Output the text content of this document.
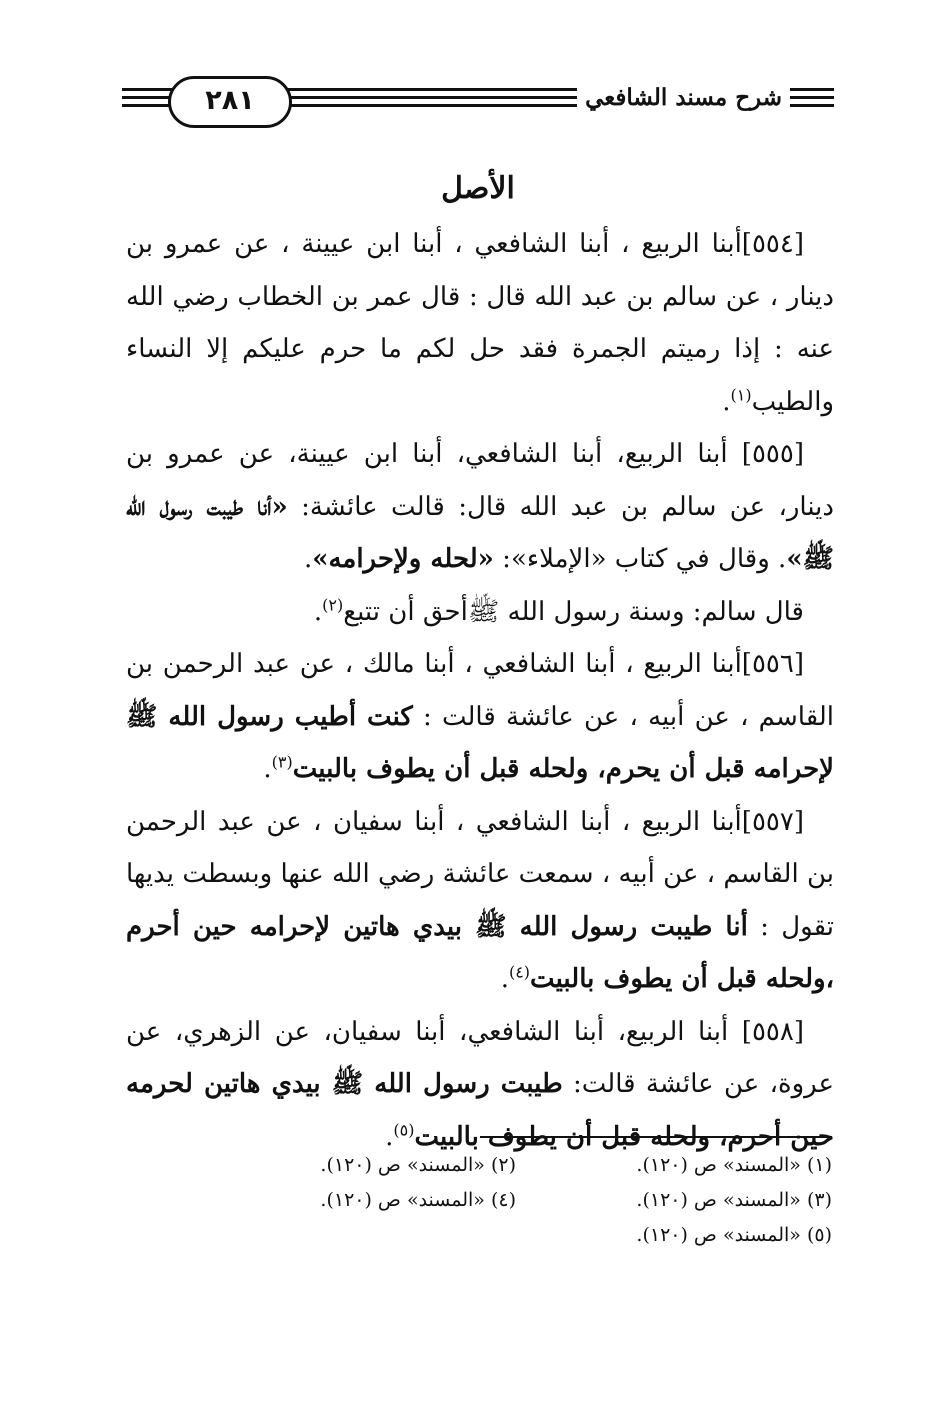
شرح مسند الشافعي
٢٨١
الأصل

[٥٥٤]أبنا الربيع ، أبنا الشافعي ، أبنا ابن عيينة ، عن عمرو بن دينار ، عن سالم بن عبد الله قال : قال عمر بن الخطاب رضي الله عنه : إذا رميتم الجمرة فقد حل لكم ما حرم عليكم إلا النساء والطيب$^{(١)}$.

[٥٥٥] أبنا الربيع، أبنا الشافعي، أبنا ابن عيينة، عن عمرو بن دينار، عن سالم بن عبد الله قال: قالت عائشة: «أنا طيبت رسول الله ﷺ». وقال في كتاب «الإملاء»: «لحله ولإحرامه».

قال سالم: وسنة رسول الله ﷺأحق أن تتبع$^{(٢)}$.

[٥٥٦]أبنا الربيع ، أبنا الشافعي ، أبنا مالك ، عن عبد الرحمن بن القاسم ، عن أبيه ، عن عائشة قالت : كنت أطيب رسول الله ﷺ لإحرامه قبل أن يحرم، ولحله قبل أن يطوف بالبيت$^{(٣)}$.

[٥٥٧]أبنا الربيع ، أبنا الشافعي ، أبنا سفيان ، عن عبد الرحمن بن القاسم ، عن أبيه ، سمعت عائشة رضي الله عنها وبسطت يديها تقول : أنا طيبت رسول الله ﷺ بيدي هاتين لإحرامه حين أحرم ،ولحله قبل أن يطوف بالبيت$^{(٤)}$.

[٥٥٨] أبنا الربيع، أبنا الشافعي، أبنا سفيان، عن الزهري، عن عروة، عن عائشة قالت: طيبت رسول الله ﷺ بيدي هاتين لحرمه حين أحرم، ولحله قبل أن يطوف بالبيت$^{(٥)}$.

(١) «المسند» ص (١٢٠).
(٢) «المسند» ص (١٢٠).
(٣) «المسند» ص (١٢٠).
(٤) «المسند» ص (١٢٠).
(٥) «المسند» ص (١٢٠).
